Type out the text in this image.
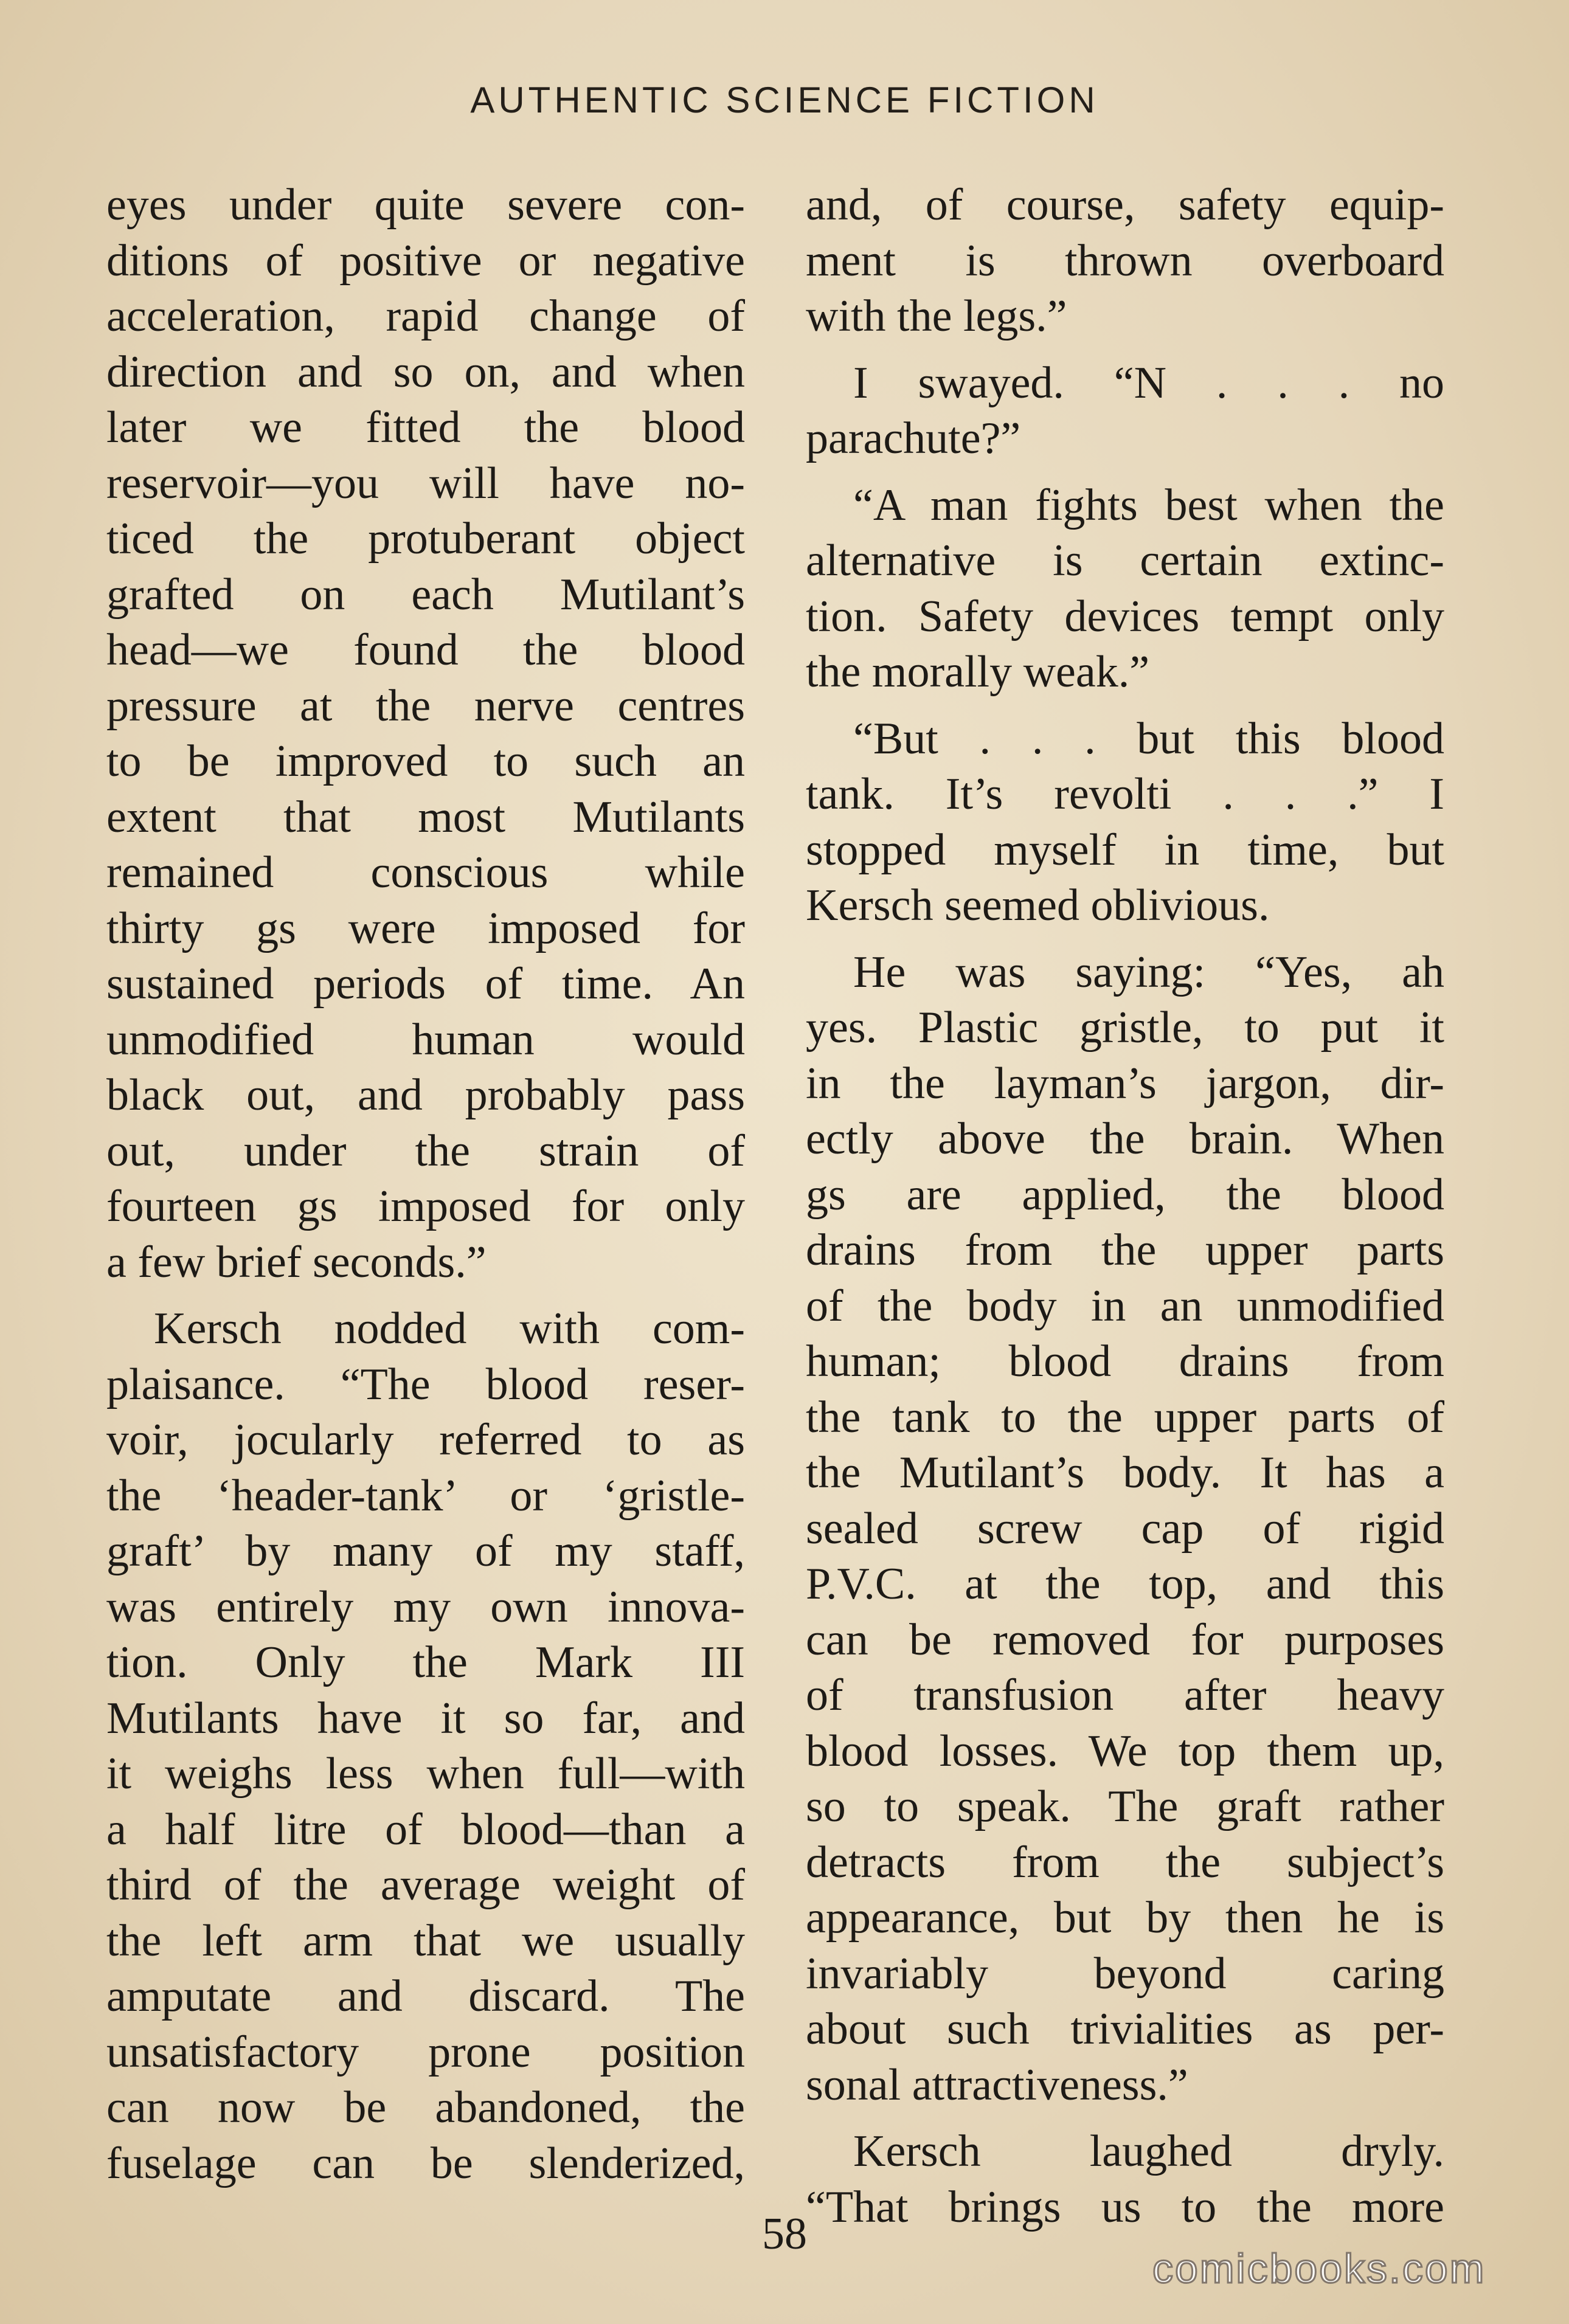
AUTHENTIC SCIENCE FICTION

eyes under quite severe con-
ditions of positive or negative
acceleration, rapid change of
direction and so on, and when
later we fitted the blood
reservoir—you will have no-
ticed the protuberant object
grafted on each Mutilant’s
head—we found the blood
pressure at the nerve centres
to be improved to such an
extent that most Mutilants
remained conscious while
thirty gs were imposed for
sustained periods of time. An
unmodified human would
black out, and probably pass
out, under the strain of
fourteen gs imposed for only
a few brief seconds.”

Kersch nodded with com-
plaisance. “The blood reser-
voir, jocularly referred to as
the ‘header-tank’ or ‘gristle-
graft’ by many of my staff,
was entirely my own innova-
tion. Only the Mark III
Mutilants have it so far, and
it weighs less when full—with
a half litre of blood—than a
third of the average weight of
the left arm that we usually
amputate and discard. The
unsatisfactory prone position
can now be abandoned, the
fuselage can be slenderized,

and, of course, safety equip-
ment is thrown overboard
with the legs.”

I swayed. “N . . . no
parachute?”

“A man fights best when the
alternative is certain extinc-
tion. Safety devices tempt only
the morally weak.”

“But . . . but this blood
tank. It’s revolti . . .” I
stopped myself in time, but
Kersch seemed oblivious.

He was saying: “Yes, ah
yes. Plastic gristle, to put it
in the layman’s jargon, dir-
ectly above the brain. When
gs are applied, the blood
drains from the upper parts
of the body in an unmodified
human; blood drains from
the tank to the upper parts of
the Mutilant’s body. It has a
sealed screw cap of rigid
P.V.C. at the top, and this
can be removed for purposes
of transfusion after heavy
blood losses. We top them up,
so to speak. The graft rather
detracts from the subject’s
appearance, but by then he is
invariably beyond caring
about such trivialities as per-
sonal attractiveness.”

Kersch laughed dryly.
“That brings us to the more

58
comicbooks.com
